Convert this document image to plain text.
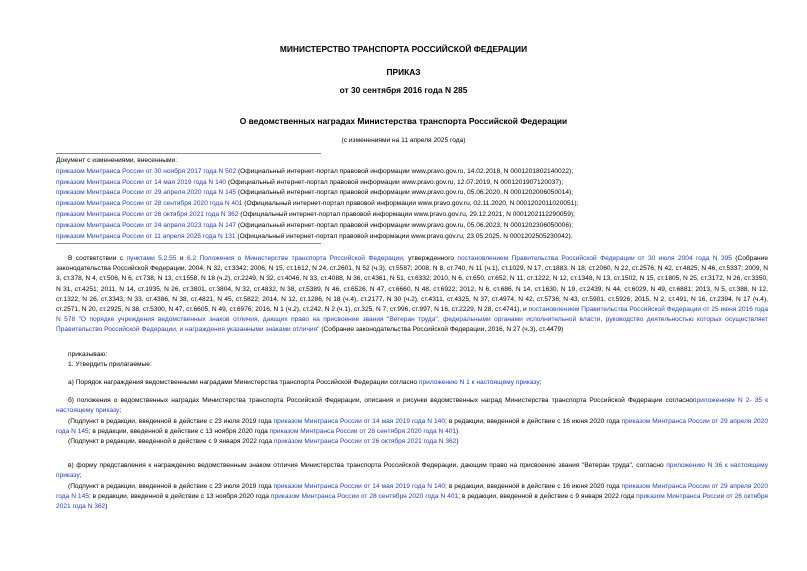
МИНИСТЕРСТВО ТРАНСПОРТА РОССИЙСКОЙ ФЕДЕРАЦИИ
ПРИКАЗ
от 30 сентября 2016 года N 285
О ведомственных наградах Министерства транспорта Российской Федерации
(с изменениями на 11 апреля 2025 года)
Документ с изменениями, внесенными:
приказом Минтранса России от 30 ноября 2017 года N 502 (Официальный интернет-портал правовой информации www.pravo.gov.ru, 14.02.2018, N 0001201802140022);
приказом Минтранса России от 14 мая 2019 года N 140 (Официальный интернет-портал правовой информации www.pravo.gov.ru, 12.07.2019, N 0001201907120037);
приказом Минтранса России от 29 апреля 2020 года N 145 (Официальный интернет-портал правовой информации www.pravo.gov.ru, 05.06.2020, N 0001202006050014);
приказом Минтранса России от 28 сентября 2020 года N 401 (Официальный интернет-портал правовой информации www.pravo.gov.ru, 02.11.2020, N 0001202011020051);
приказом Минтранса России от 26 октября 2021 года N 362 (Официальный интернет-портал правовой информации www.pravo.gov.ru, 29.12.2021, N 0001202112290059);
приказом Минтранса России от 24 апреля 2023 года N 147 (Официальный интернет-портал правовой информации www.pravo.gov.ru, 05.06.2023, N 0001202306050006);
приказом Минтранса России от 11 апреля 2025 года N 131 (Официальный интернет-портал правовой информации www.pravo.gov.ru, 23.05.2025, N 0001202505230042).
В соответствии с пунктами 5.2.55 и 6.2 Положения о Министерстве транспорта Российской Федерации, утвержденного постановлением Правительства Российской Федерации от 30 июля 2004 года N 395 (Собрание законодательства Российской Федерации, 2004, N 32, ст.3342; 2006, N 15, ст.1612, N 24, ст.2601, N 52 (ч.3), ст.5587; 2008, N 8, ст.740, N 11 (ч.1), ст.1029, N 17, ст.1883, N 18, ст.2060, N 22, ст.2576, N 42, ст.4825, N 46, ст.5337; 2009, N 3, ст.378, N 4, ст.506, N 6, ст.738, N 13, ст.1558, N 18 (ч.2), ст.2249, N 32, ст.4046, N 33, ст.4088, N 36, ст.4361, N 51, ст.6332; 2010, N 6, ст.650, ст.652, N 11, ст.1222, N 12, ст.1348, N 13, ст.1502, N 15, ст.1805, N 25, ст.3172, N 26, ст.3350, N 31, ст.4251; 2011, N 14, ст.1935, N 26, ст.3801, ст.3804, N 32, ст.4832, N 38, ст.5389, N 46, ст.6526, N 47, ст.6660, N 48, ст.6922; 2012, N 6, ст.686, N 14, ст.1630, N 19, ст.2439, N 44, ст.6029, N 49, ст.6881; 2013, N 5, ст.388, N 12, ст.1322, N 26, ст.3343, N 33, ст.4386, N 38, ст.4821, N 45, ст.5822; 2014, N 12, ст.1286, N 18 (ч.4), ст.2177, N 30 (ч.2), ст.4311, ст.4325, N 37, ст.4974, N 42, ст.5736, N 43, ст.5901, ст.5926; 2015, N 2, ст.491, N 16, ст.2394, N 17 (ч.4), ст.2571, N 20, ст.2925, N 38, ст.5300, N 47, ст.6605, N 49, ст.6976; 2016, N 1 (ч.2), ст.242, N 2 (ч.1), ст.325, N 7, ст.996, ст.997, N 16, ст.2229, N 28, ст.4741), и постановлением Правительства Российской Федерации от 25 июня 2016 года N 578 "О порядке учреждения ведомственных знаков отличия, дающих право на присвоение звания "Ветеран труда", федеральными органами исполнительной власти, руководство деятельностью которых осуществляет Правительство Российской Федерации, и награждения указанными знаками отличия" (Собрание законодательства Российской Федерации, 2016, N 27 (ч.3), ст.4479)
приказываю:
1. Утвердить прилагаемые:
а) Порядок награждения ведомственными наградами Министерства транспорта Российской Федерации согласно приложению N 1 к настоящему приказу;
б) положения о ведомственных наградах Министерства транспорта Российской Федерации, описания и рисунки ведомственных наград Министерства транспорта Российской Федерации согласноприложениям N 2- 35 к настоящему приказу;
(Подпункт в редакции, введенной в действие с 23 июля 2019 года приказом Минтранса России от 14 мая 2019 года N 140; в редакции, введенной в действие с 16 июня 2020 года приказом Минтранса России от 29 апреля 2020 года N 145; в редакции, введенной в действие с 13 ноября 2020 года приказом Минтранса России от 28 сентября 2020 года N 401)
(Подпункт в редакции, введенной в действие с 9 января 2022 года приказом Минтранса России от 26 октября 2021 года N 362)
в) форму представления к награждению ведомственным знаком отличия Министерства транспорта Российской Федерации, дающим право на присвоение звания "Ветеран труда", согласно приложению N 36 к настоящему приказу;
(Подпункт в редакции, введенной в действие с 23 июля 2019 года приказом Минтранса России от 14 мая 2019 года N 140; в редакции, введенной в действие с 16 июня 2020 года приказом Минтранса России от 29 апреля 2020 года N 145; в редакции, введенной в действие с 13 ноября 2020 года приказом Минтранса России от 28 сентября 2020 года N 401; в редакции, введенной в действие с 9 января 2022 года приказом Минтранса России от 26 октября 2021 года N 362)
